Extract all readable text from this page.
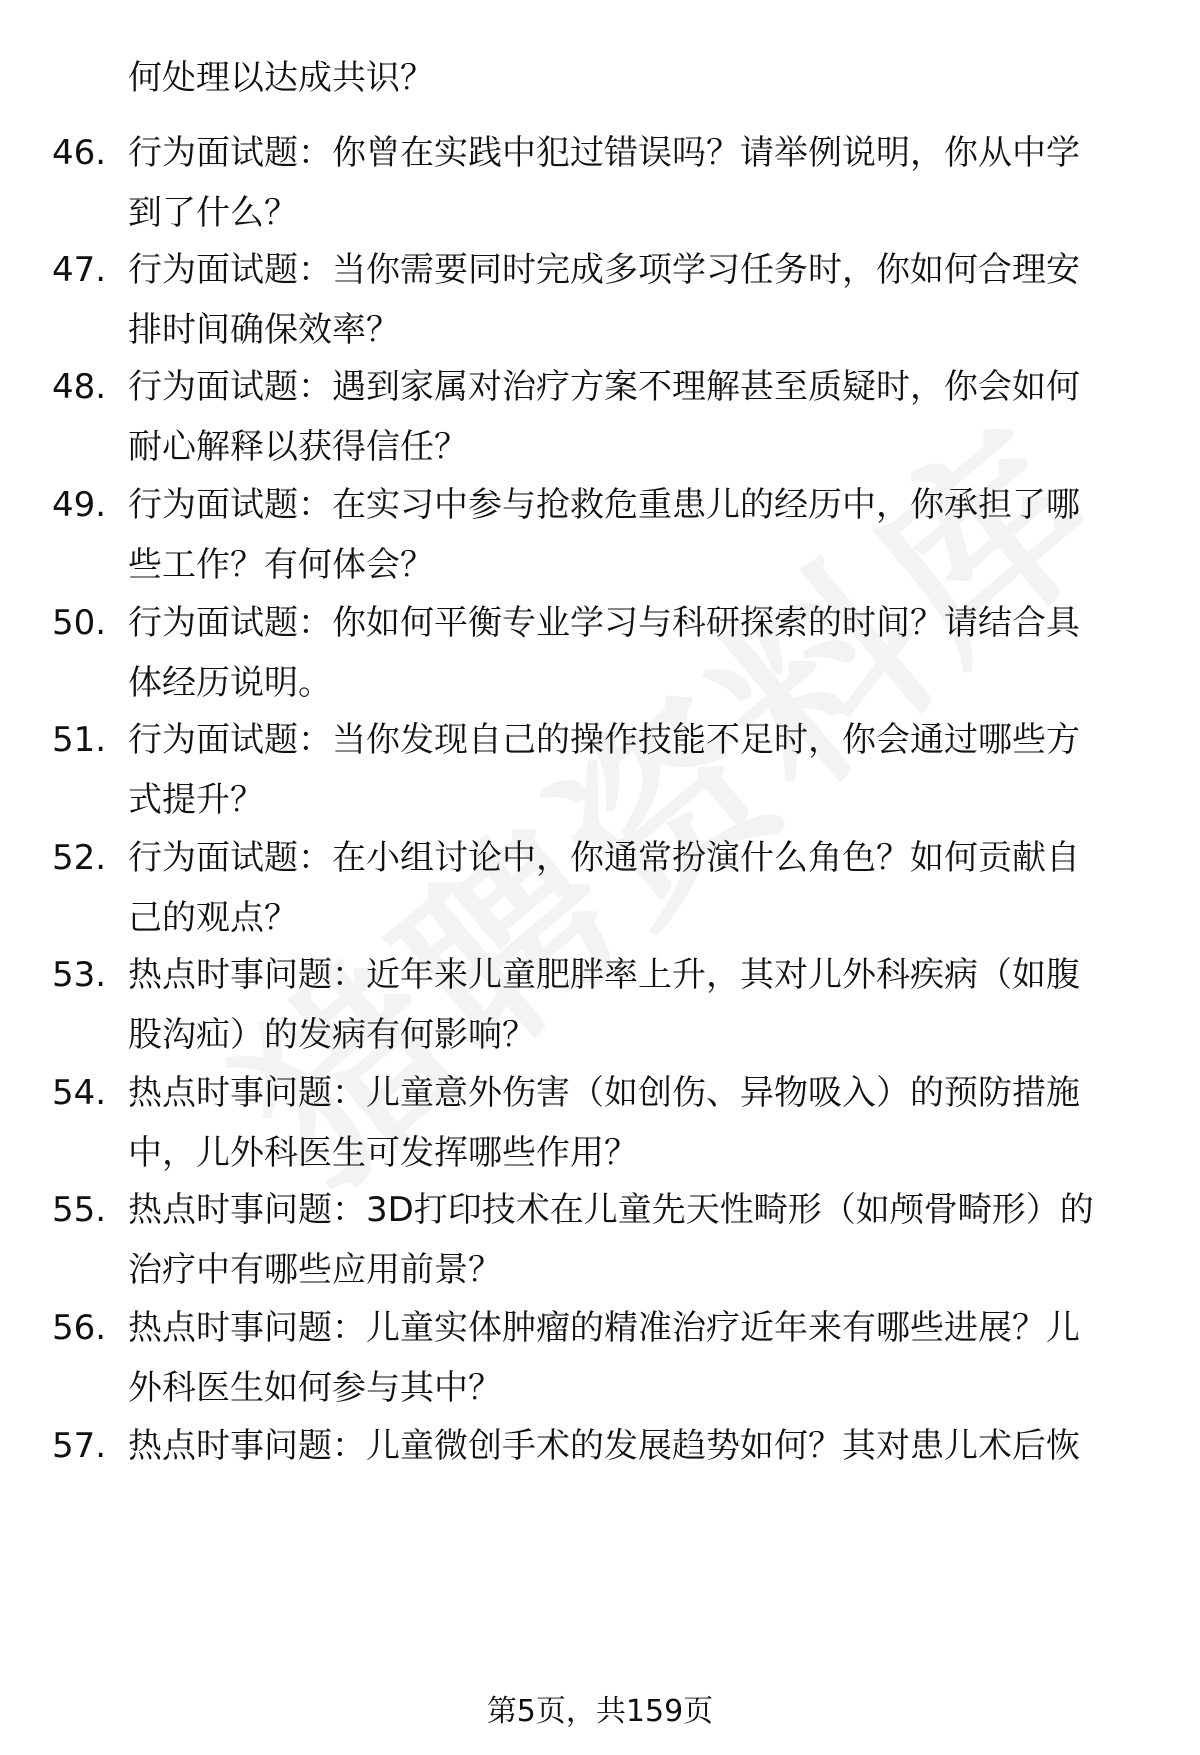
何处理以达成共识？

46. 行为面试题：你曾在实践中犯过错误吗？请举例说明，你从中学
到了什么？

47. 行为面试题：当你需要同时完成多项学习任务时，你如何合理安
排时间确保效率？

48. 行为面试题：遇到家属对治疗方案不理解甚至质疑时，你会如何
耐心解释以获得信任？

49. 行为面试题：在实习中参与抢救危重患儿的经历中，你承担了哪
些工作？有何体会？

50. 行为面试题：你如何平衡专业学习与科研探索的时间？请结合具
体经历说明。

51. 行为面试题：当你发现自己的操作技能不足时，你会通过哪些方
式提升？

52. 行为面试题：在小组讨论中，你通常扮演什么角色？如何贡献自
己的观点？

53. 热点时事问题：近年来儿童肥胖率上升，其对儿外科疾病（如腹
股沟疝）的发病有何影响？

54. 热点时事问题：儿童意外伤害（如创伤、异物吸入）的预防措施
中，儿外科医生可发挥哪些作用？

55. 热点时事问题：3D打印技术在儿童先天性畸形（如颅骨畸形）的
治疗中有哪些应用前景？

56. 热点时事问题：儿童实体肿瘤的精准治疗近年来有哪些进展？儿
外科医生如何参与其中？

57. 热点时事问题：儿童微创手术的发展趋势如何？其对患儿术后恢

第5页，共159页
